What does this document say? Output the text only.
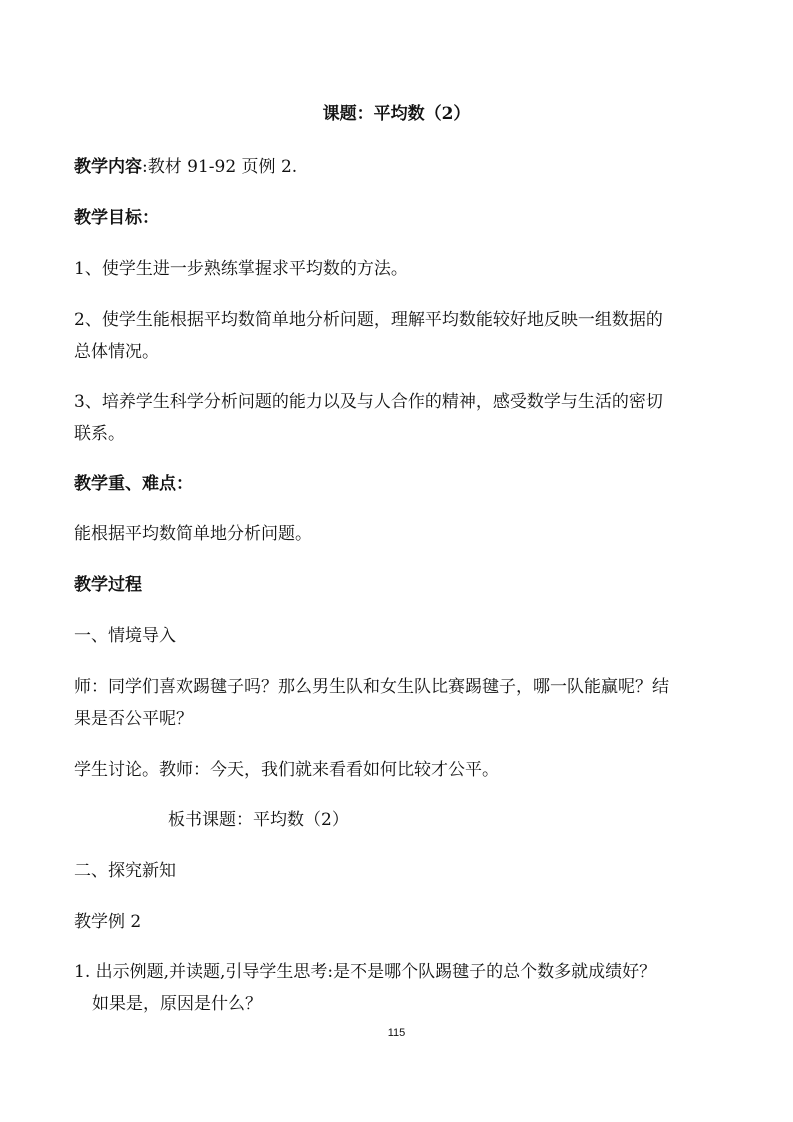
课题：平均数（2）
教学内容:教材 91-92 页例 2.
教学目标：
1、使学生进一步熟练掌握求平均数的方法。
2、使学生能根据平均数简单地分析问题，理解平均数能较好地反映一组数据的
总体情况。
3、培养学生科学分析问题的能力以及与人合作的精神，感受数学与生活的密切
联系。
教学重、难点：
能根据平均数简单地分析问题。
教学过程
一、情境导入
师：同学们喜欢踢毽子吗？那么男生队和女生队比赛踢毽子，哪一队能赢呢？结
果是否公平呢？
学生讨论。教师：今天，我们就来看看如何比较才公平。
板书课题：平均数（2）
二、探究新知
教学例 2
1. 出示例题,并读题,引导学生思考:是不是哪个队踢毽子的总个数多就成绩好？
如果是，原因是什么？
115
